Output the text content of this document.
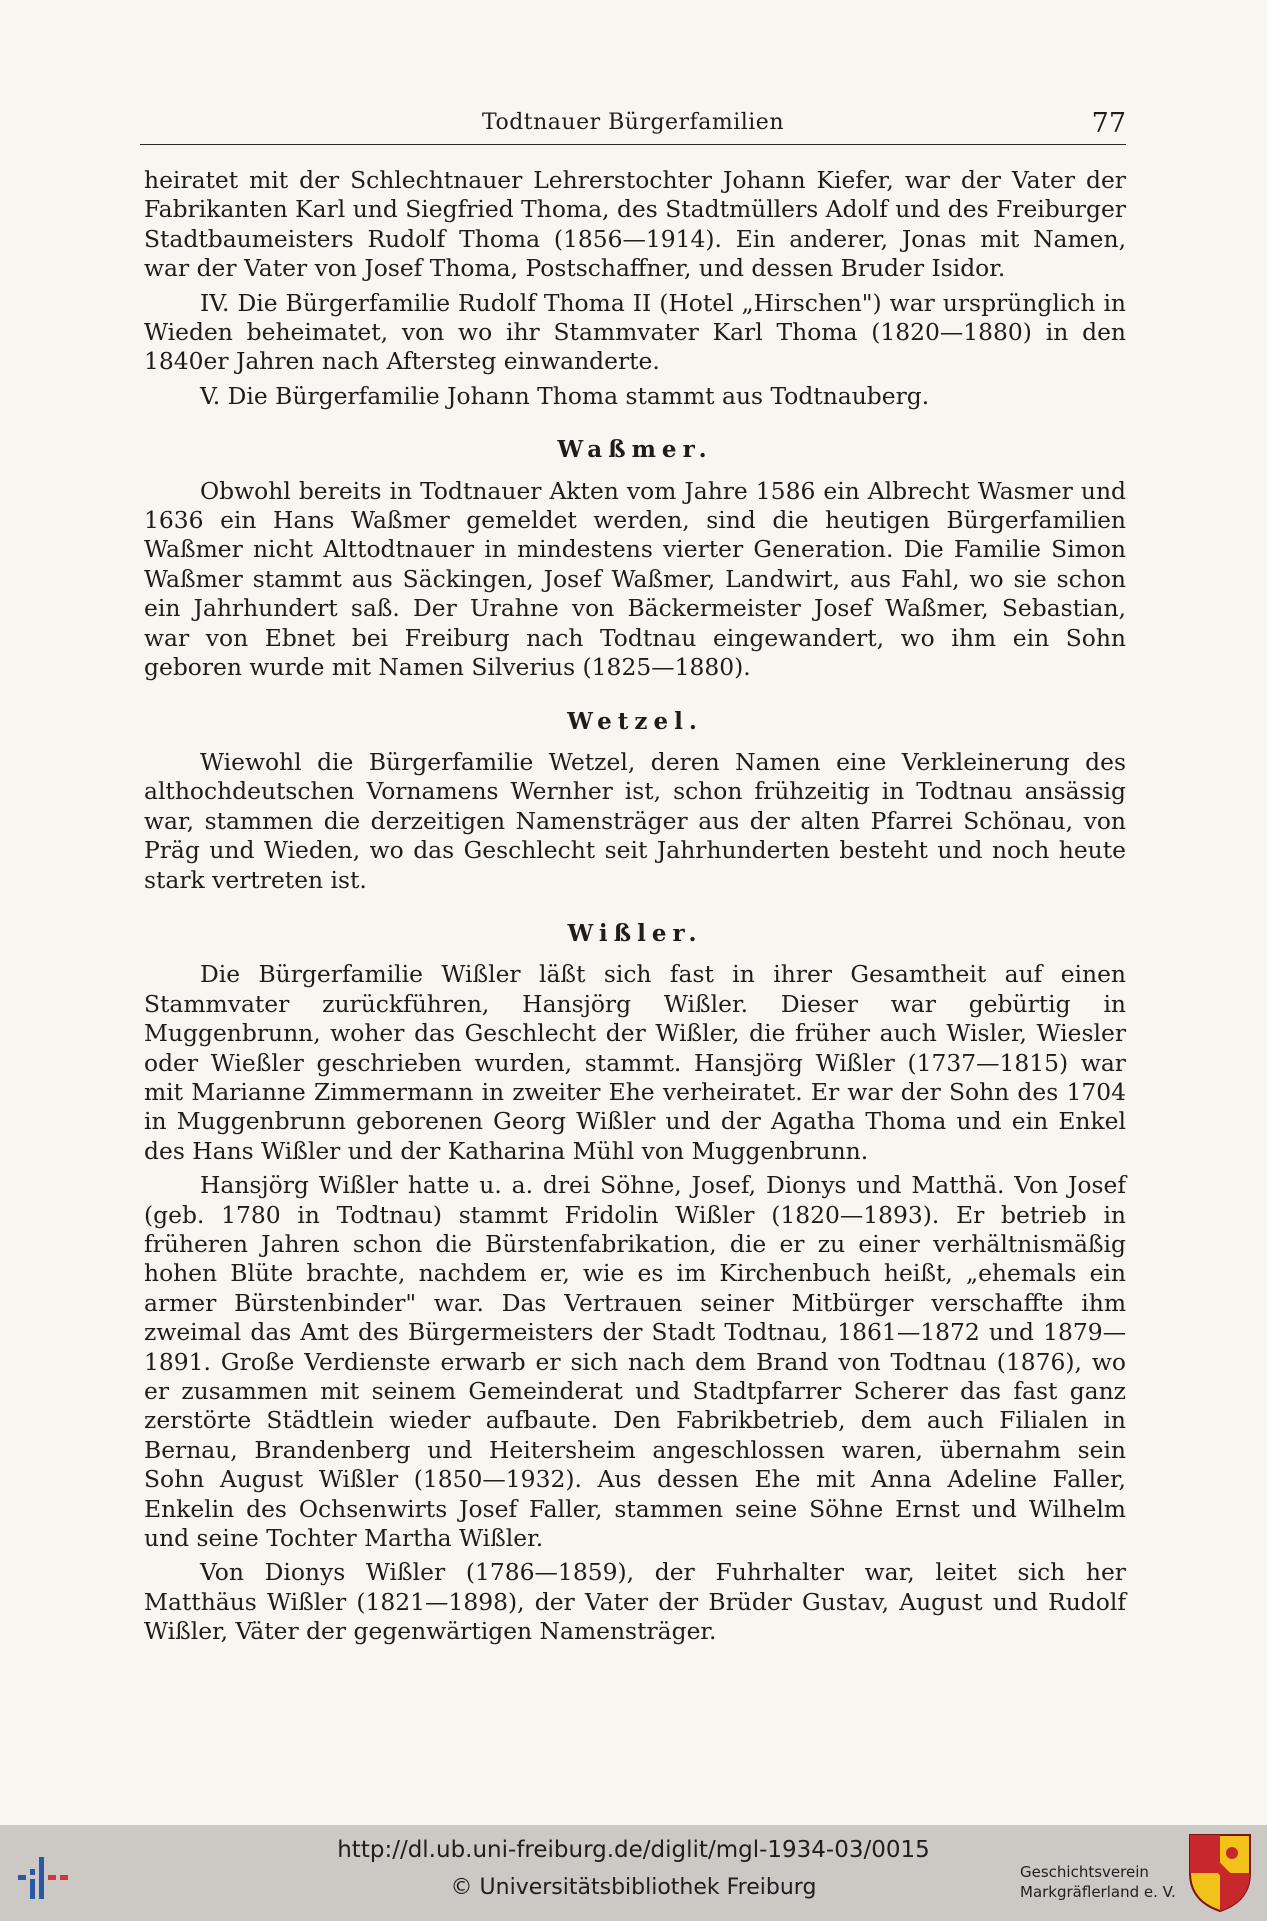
Todtnauer Bürgerfamilien	77

heiratet mit der Schlechtnauer Lehrerstochter Johann Kiefer, war der Vater der Fabrikanten Karl und Siegfried Thoma, des Stadtmüllers Adolf und des Freiburger Stadtbaumeisters Rudolf Thoma (1856—1914). Ein anderer, Jonas mit Namen, war der Vater von Josef Thoma, Postschaffner, und dessen Bruder Isidor.

IV. Die Bürgerfamilie Rudolf Thoma II (Hotel „Hirschen") war ursprünglich in Wieden beheimatet, von wo ihr Stammvater Karl Thoma (1820—1880) in den 1840er Jahren nach Aftersteg einwanderte.

V. Die Bürgerfamilie Johann Thoma stammt aus Todtnauberg.

Waßmer.

Obwohl bereits in Todtnauer Akten vom Jahre 1586 ein Albrecht Wasmer und 1636 ein Hans Waßmer gemeldet werden, sind die heutigen Bürgerfamilien Waßmer nicht Alttodtnauer in mindestens vierter Generation. Die Familie Simon Waßmer stammt aus Säckingen, Josef Waßmer, Landwirt, aus Fahl, wo sie schon ein Jahrhundert saß. Der Urahne von Bäckermeister Josef Waßmer, Sebastian, war von Ebnet bei Freiburg nach Todtnau eingewandert, wo ihm ein Sohn geboren wurde mit Namen Silverius (1825—1880).

Wetzel.

Wiewohl die Bürgerfamilie Wetzel, deren Namen eine Verkleinerung des althochdeutschen Vornamens Wernher ist, schon frühzeitig in Todtnau ansässig war, stammen die derzeitigen Namensträger aus der alten Pfarrei Schönau, von Präg und Wieden, wo das Geschlecht seit Jahrhunderten besteht und noch heute stark vertreten ist.

Wißler.

Die Bürgerfamilie Wißler läßt sich fast in ihrer Gesamtheit auf einen Stammvater zurückführen, Hansjörg Wißler. Dieser war gebürtig in Muggenbrunn, woher das Geschlecht der Wißler, die früher auch Wisler, Wiesler oder Wießler geschrieben wurden, stammt. Hansjörg Wißler (1737—1815) war mit Marianne Zimmermann in zweiter Ehe verheiratet. Er war der Sohn des 1704 in Muggenbrunn geborenen Georg Wißler und der Agatha Thoma und ein Enkel des Hans Wißler und der Katharina Mühl von Muggenbrunn.

Hansjörg Wißler hatte u. a. drei Söhne, Josef, Dionys und Matthä. Von Josef (geb. 1780 in Todtnau) stammt Fridolin Wißler (1820—1893). Er betrieb in früheren Jahren schon die Bürstenfabrikation, die er zu einer verhältnismäßig hohen Blüte brachte, nachdem er, wie es im Kirchenbuch heißt, „ehemals ein armer Bürstenbinder" war. Das Vertrauen seiner Mitbürger verschaffte ihm zweimal das Amt des Bürgermeisters der Stadt Todtnau, 1861—1872 und 1879—1891. Große Verdienste erwarb er sich nach dem Brand von Todtnau (1876), wo er zusammen mit seinem Gemeinderat und Stadtpfarrer Scherer das fast ganz zerstörte Städtlein wieder aufbaute. Den Fabrikbetrieb, dem auch Filialen in Bernau, Brandenberg und Heitersheim angeschlossen waren, übernahm sein Sohn August Wißler (1850—1932). Aus dessen Ehe mit Anna Adeline Faller, Enkelin des Ochsenwirts Josef Faller, stammen seine Söhne Ernst und Wilhelm und seine Tochter Martha Wißler.

Von Dionys Wißler (1786—1859), der Fuhrhalter war, leitet sich her Matthäus Wißler (1821—1898), der Vater der Brüder Gustav, August und Rudolf Wißler, Väter der gegenwärtigen Namensträger.

http://dl.ub.uni-freiburg.de/diglit/mgl-1934-03/0015
© Universitätsbibliothek Freiburg
Geschichtsverein
Markgräflerland e. V.
